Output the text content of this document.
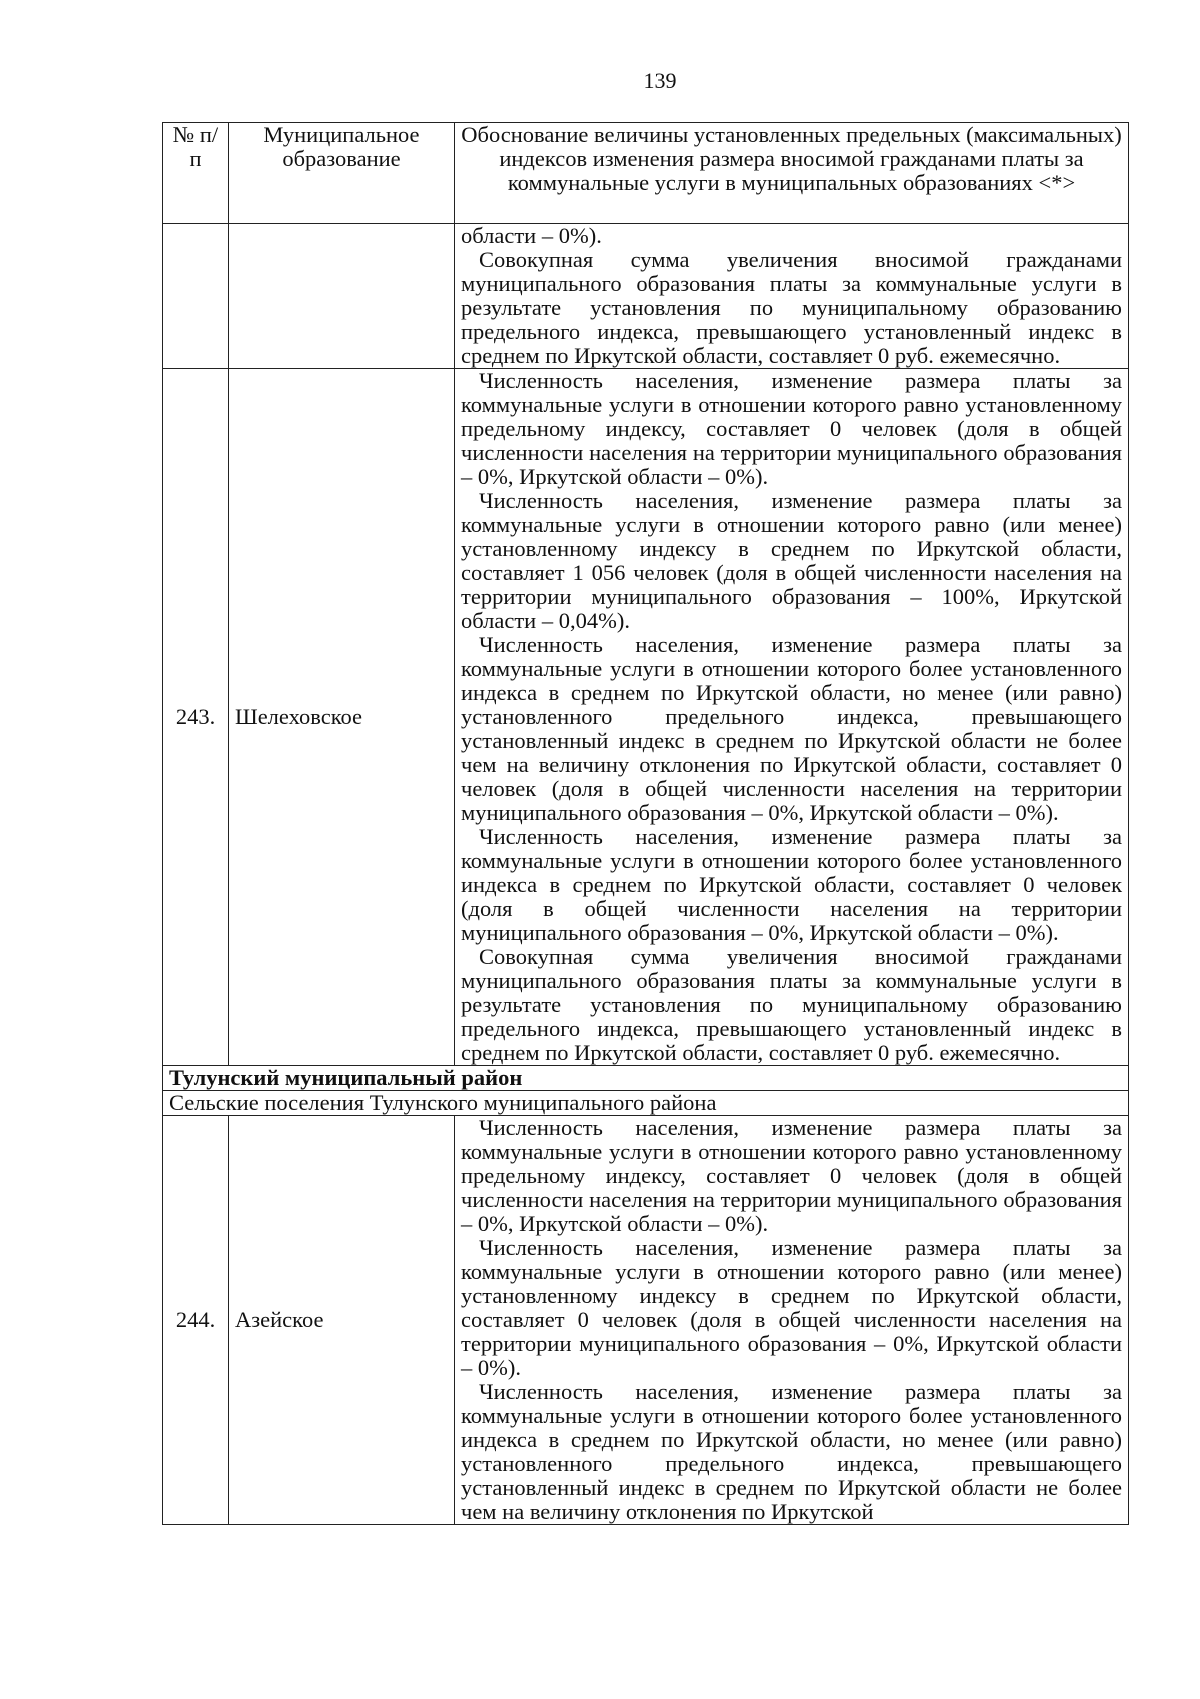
139
№ п/п	Муниципальное образование	Обоснование величины установленных предельных (максимальных) индексов изменения размера вносимой гражданами платы за коммунальные услуги в муниципальных образованиях <*>

		области – 0%).

Совокупная сумма увеличения вносимой гражданами муниципального образования платы за коммунальные услуги в результате установления по муниципальному образованию предельного индекса, превышающего установленный индекс в среднем по Иркутской области, составляет 0 руб. ежемесячно.

243.	Шелеховское	Численность населения, изменение размера платы за коммунальные услуги в отношении которого равно установленному предельному индексу, составляет 0 человек (доля в общей численности населения на территории муниципального образования – 0%, Иркутской области – 0%).

Численность населения, изменение размера платы за коммунальные услуги в отношении которого равно (или менее) установленному индексу в среднем по Иркутской области, составляет 1 056 человек (доля в общей численности населения на территории муниципального образования – 100%, Иркутской области – 0,04%).

Численность населения, изменение размера платы за коммунальные услуги в отношении которого более установленного индекса в среднем по Иркутской области, но менее (или равно) установленного предельного индекса, превышающего установленный индекс в среднем по Иркутской области не более чем на величину отклонения по Иркутской области, составляет 0 человек (доля в общей численности населения на территории муниципального образования – 0%, Иркутской области – 0%).

Численность населения, изменение размера платы за коммунальные услуги в отношении которого более установленного индекса в среднем по Иркутской области, составляет 0 человек (доля в общей численности населения на территории муниципального образования – 0%, Иркутской области – 0%).

Совокупная сумма увеличения вносимой гражданами муниципального образования платы за коммунальные услуги в результате установления по муниципальному образованию предельного индекса, превышающего установленный индекс в среднем по Иркутской области, составляет 0 руб. ежемесячно.

Тулунский муниципальный район		
Сельские поселения Тулунского муниципального района		
244.	Азейское	Численность населения, изменение размера платы за коммунальные услуги в отношении которого равно установленному предельному индексу, составляет 0 человек (доля в общей численности населения на территории муниципального образования – 0%, Иркутской области – 0%).

Численность населения, изменение размера платы за коммунальные услуги в отношении которого равно (или менее) установленному индексу в среднем по Иркутской области, составляет 0 человек (доля в общей численности населения на территории муниципального образования – 0%, Иркутской области – 0%).

Численность населения, изменение размера платы за коммунальные услуги в отношении которого более установленного индекса в среднем по Иркутской области, но менее (или равно) установленного предельного индекса, превышающего установленный индекс в среднем по Иркутской области не более чем на величину отклонения по Иркутской
